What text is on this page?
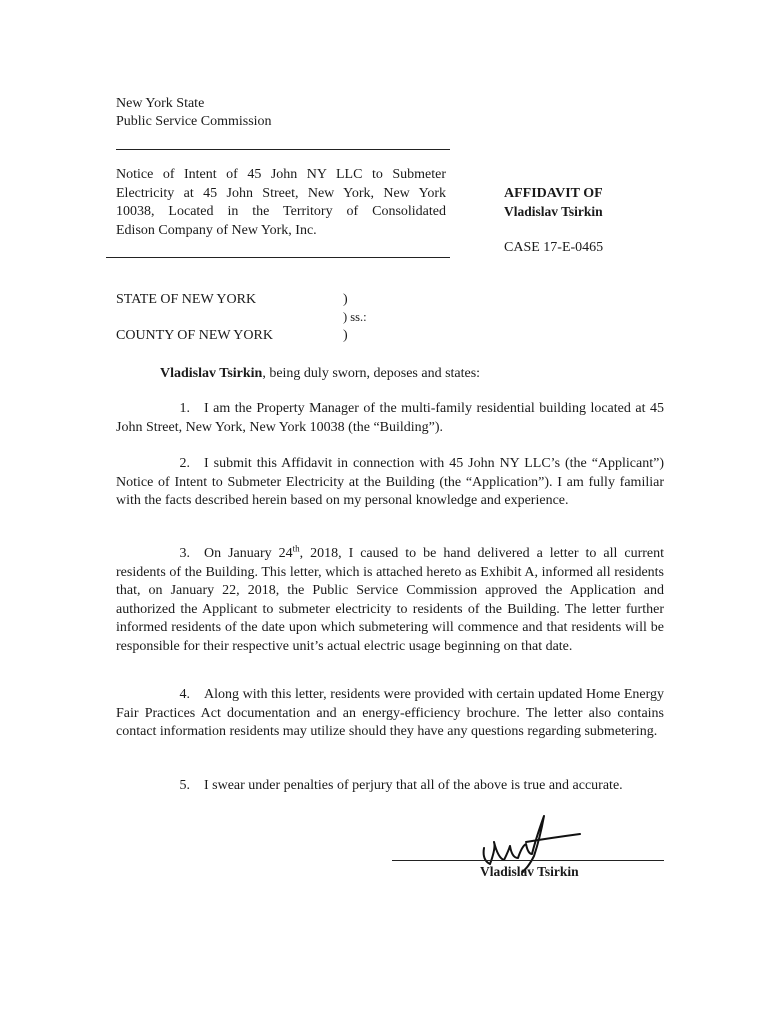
New York State
Public Service Commission
Notice of Intent of 45 John NY LLC to Submeter
Electricity at 45 John Street, New York, New York
10038, Located in the Territory of Consolidated
Edison Company of New York, Inc.
AFFIDAVIT OF
Vladislav Tsirkin
CASE 17-E-0465
STATE OF NEW YORK	)
) ss.:
COUNTY OF NEW YORK	)
Vladislav Tsirkin, being duly sworn, deposes and states:
1. I am the Property Manager of the multi-family residential building located at 45 John Street, New York, New York 10038 (the “Building”).
2. I submit this Affidavit in connection with 45 John NY LLC’s (the “Applicant”) Notice of Intent to Submeter Electricity at the Building (the “Application”). I am fully familiar with the facts described herein based on my personal knowledge and experience.
3. On January 24th, 2018, I caused to be hand delivered a letter to all current residents of the Building. This letter, which is attached hereto as Exhibit A, informed all residents that, on January 22, 2018, the Public Service Commission approved the Application and authorized the Applicant to submeter electricity to residents of the Building. The letter further informed residents of the date upon which submetering will commence and that residents will be responsible for their respective unit’s actual electric usage beginning on that date.
4. Along with this letter, residents were provided with certain updated Home Energy Fair Practices Act documentation and an energy-efficiency brochure. The letter also contains contact information residents may utilize should they have any questions regarding submetering.
5. I swear under penalties of perjury that all of the above is true and accurate.
Vladislav Tsirkin
